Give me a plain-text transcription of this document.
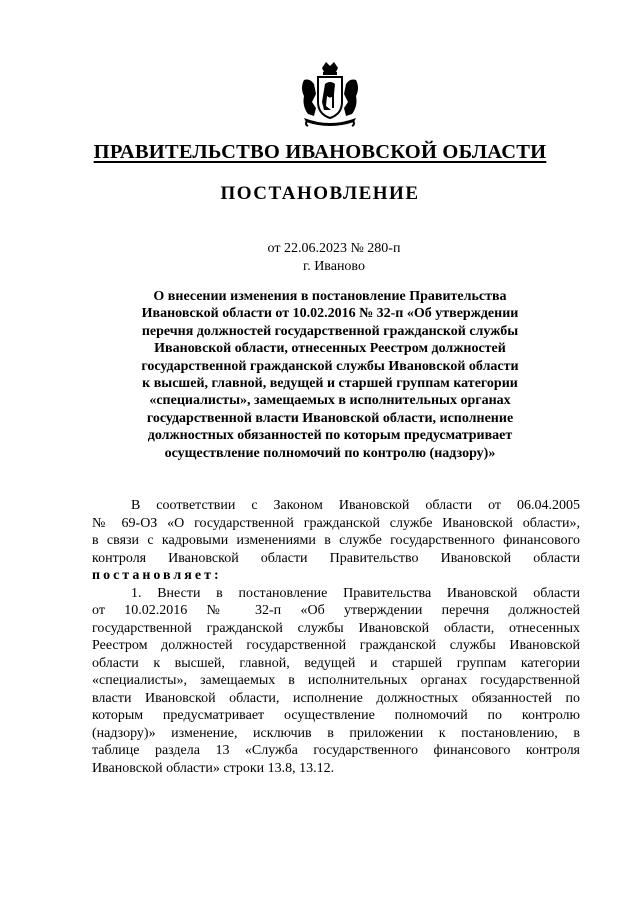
ПРАВИТЕЛЬСТВО ИВАНОВСКОЙ ОБЛАСТИ
ПОСТАНОВЛЕНИЕ
от 22.06.2023 № 280-п
г. Иваново
О внесении изменения в постановление Правительства
Ивановской области от 10.02.2016 № 32-п «Об утверждении
перечня должностей государственной гражданской службы
Ивановской области, отнесенных Реестром должностей
государственной гражданской службы Ивановской области
к высшей, главной, ведущей и старшей группам категории
«специалисты», замещаемых в исполнительных органах
государственной власти Ивановской области, исполнение
должностных обязанностей по которым предусматривает
осуществление полномочий по контролю (надзору)»
В соответствии с Законом Ивановской области от 06.04.2005
№ 69-ОЗ «О государственной гражданской службе Ивановской области»,
в связи с кадровыми изменениями в службе государственного финансового
контроля Ивановской области Правительство Ивановской области
постановляет:
1. Внести в постановление Правительства Ивановской области
от 10.02.2016 № 32-п «Об утверждении перечня должностей
государственной гражданской службы Ивановской области, отнесенных
Реестром должностей государственной гражданской службы Ивановской
области к высшей, главной, ведущей и старшей группам категории
«специалисты», замещаемых в исполнительных органах государственной
власти Ивановской области, исполнение должностных обязанностей по
которым предусматривает осуществление полномочий по контролю
(надзору)» изменение, исключив в приложении к постановлению, в
таблице раздела 13 «Служба государственного финансового контроля
Ивановской области» строки 13.8, 13.12.
